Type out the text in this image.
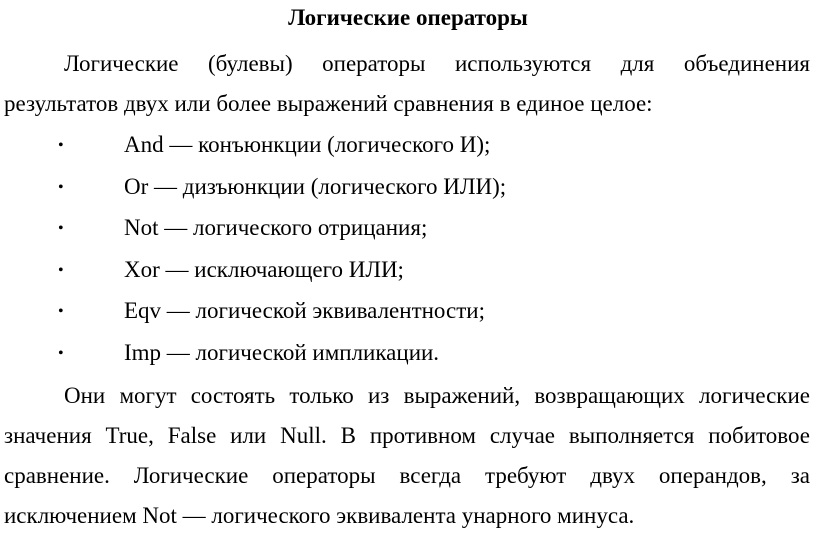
Логические операторы

Логические (булевы) операторы используются для объединения результатов двух или более выражений сравнения в единое целое:

•	And — конъюнкции (логического И);
•	Or — дизъюнкции (логического ИЛИ);
•	Not — логического отрицания;
•	Xor — исключающего ИЛИ;
•	Eqv — логической эквивалентности;
•	Imp — логической импликации.

Они могут состоять только из выражений, возвращающих логические значения True, False или Null. В противном случае выполняется побитовое сравнение. Логические операторы всегда требуют двух операндов, за исключением Not — логического эквивалента унарного минуса.
